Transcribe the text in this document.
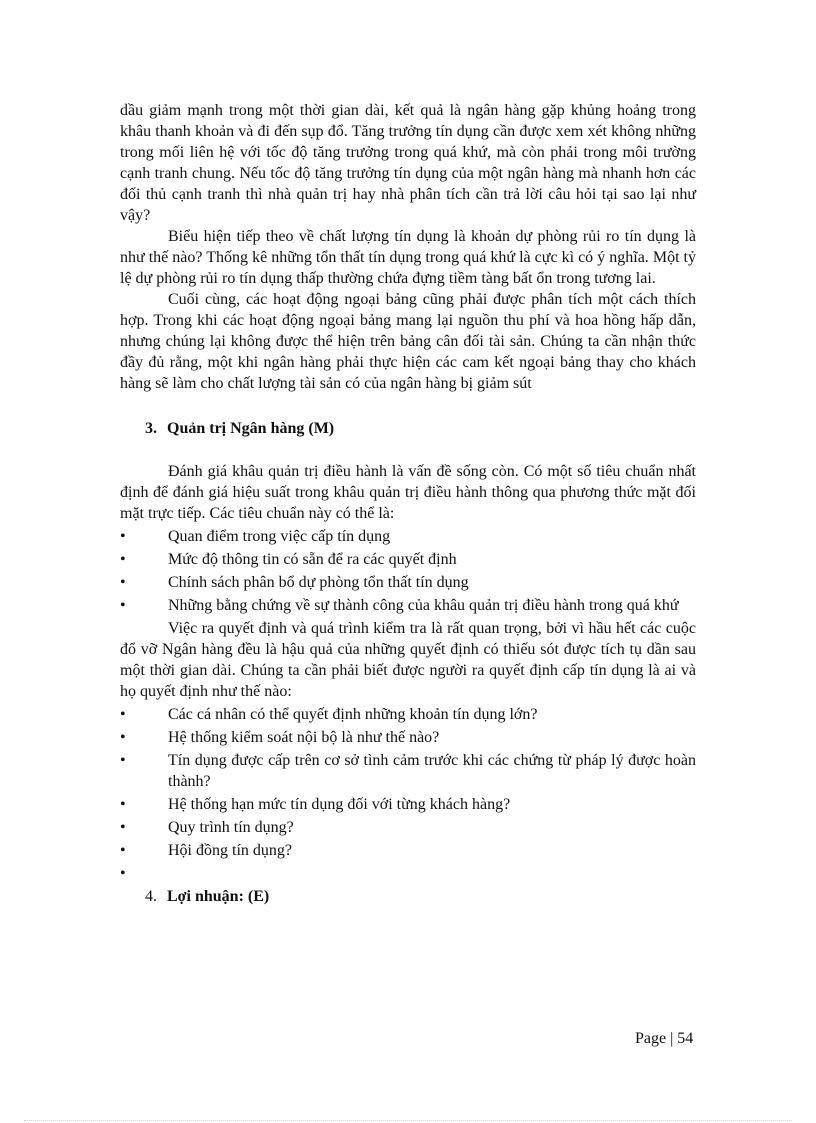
dầu giảm mạnh trong một thời gian dài, kết quả là ngân hàng gặp khủng hoảng trong khâu thanh khoản và đi đến sụp đổ. Tăng trưởng tín dụng cần được xem xét không những trong mối liên hệ với tốc độ tăng trưởng trong quá khứ, mà còn phải trong môi trường cạnh tranh chung. Nếu tốc độ tăng trưởng tín dụng của một ngân hàng mà nhanh hơn các đối thủ cạnh tranh thì nhà quản trị hay nhà phân tích cần trả lời câu hỏi tại sao lại như vậy?

Biểu hiện tiếp theo về chất lượng tín dụng là khoản dự phòng rủi ro tín dụng là như thế nào? Thống kê những tổn thất tín dụng trong quá khứ là cực kì có ý nghĩa. Một tỷ lệ dự phòng rủi ro tín dụng thấp thường chứa đựng tiềm tàng bất ổn trong tương lai.

Cuối cùng, các hoạt động ngoại bảng cũng phải được phân tích một cách thích hợp. Trong khi các hoạt động ngoại bảng mang lại nguồn thu phí và hoa hồng hấp dẫn, nhưng chúng lại không được thể hiện trên bảng cân đối tài sản. Chúng ta cần nhận thức đầy đủ rằng, một khi ngân hàng phải thực hiện các cam kết ngoại bảng thay cho khách hàng sẽ làm cho chất lượng tài sản có của ngân hàng bị giảm sút

3. Quản trị Ngân hàng (M)

Đánh giá khâu quản trị điều hành là vấn đề sống còn. Có một số tiêu chuẩn nhất định để đánh giá hiệu suất trong khâu quản trị điều hành thông qua phương thức mặt đối mặt trực tiếp. Các tiêu chuẩn này có thể là:

•	Quan điểm trong việc cấp tín dụng
•	Mức độ thông tin có sẵn để ra các quyết định
•	Chính sách phân bổ dự phòng tổn thất tín dụng
•	Những bằng chứng về sự thành công của khâu quản trị điều hành trong quá khứ

Việc ra quyết định và quá trình kiểm tra là rất quan trọng, bởi vì hầu hết các cuộc đổ vỡ Ngân hàng đều là hậu quả của những quyết định có thiếu sót được tích tụ dần sau một thời gian dài. Chúng ta cần phải biết được người ra quyết định cấp tín dụng là ai và họ quyết định như thế nào:

•	Các cá nhân có thể quyết định những khoản tín dụng lớn?
•	Hệ thống kiểm soát nội bộ là như thế nào?
•	Tín dụng được cấp trên cơ sở tình cảm trước khi các chứng từ pháp lý được hoàn thành?
•	Hệ thống hạn mức tín dụng đối với từng khách hàng?
•	Quy trình tín dụng?
•	Hội đồng tín dụng?
•

4. Lợi nhuận: (E)
Page | 54
